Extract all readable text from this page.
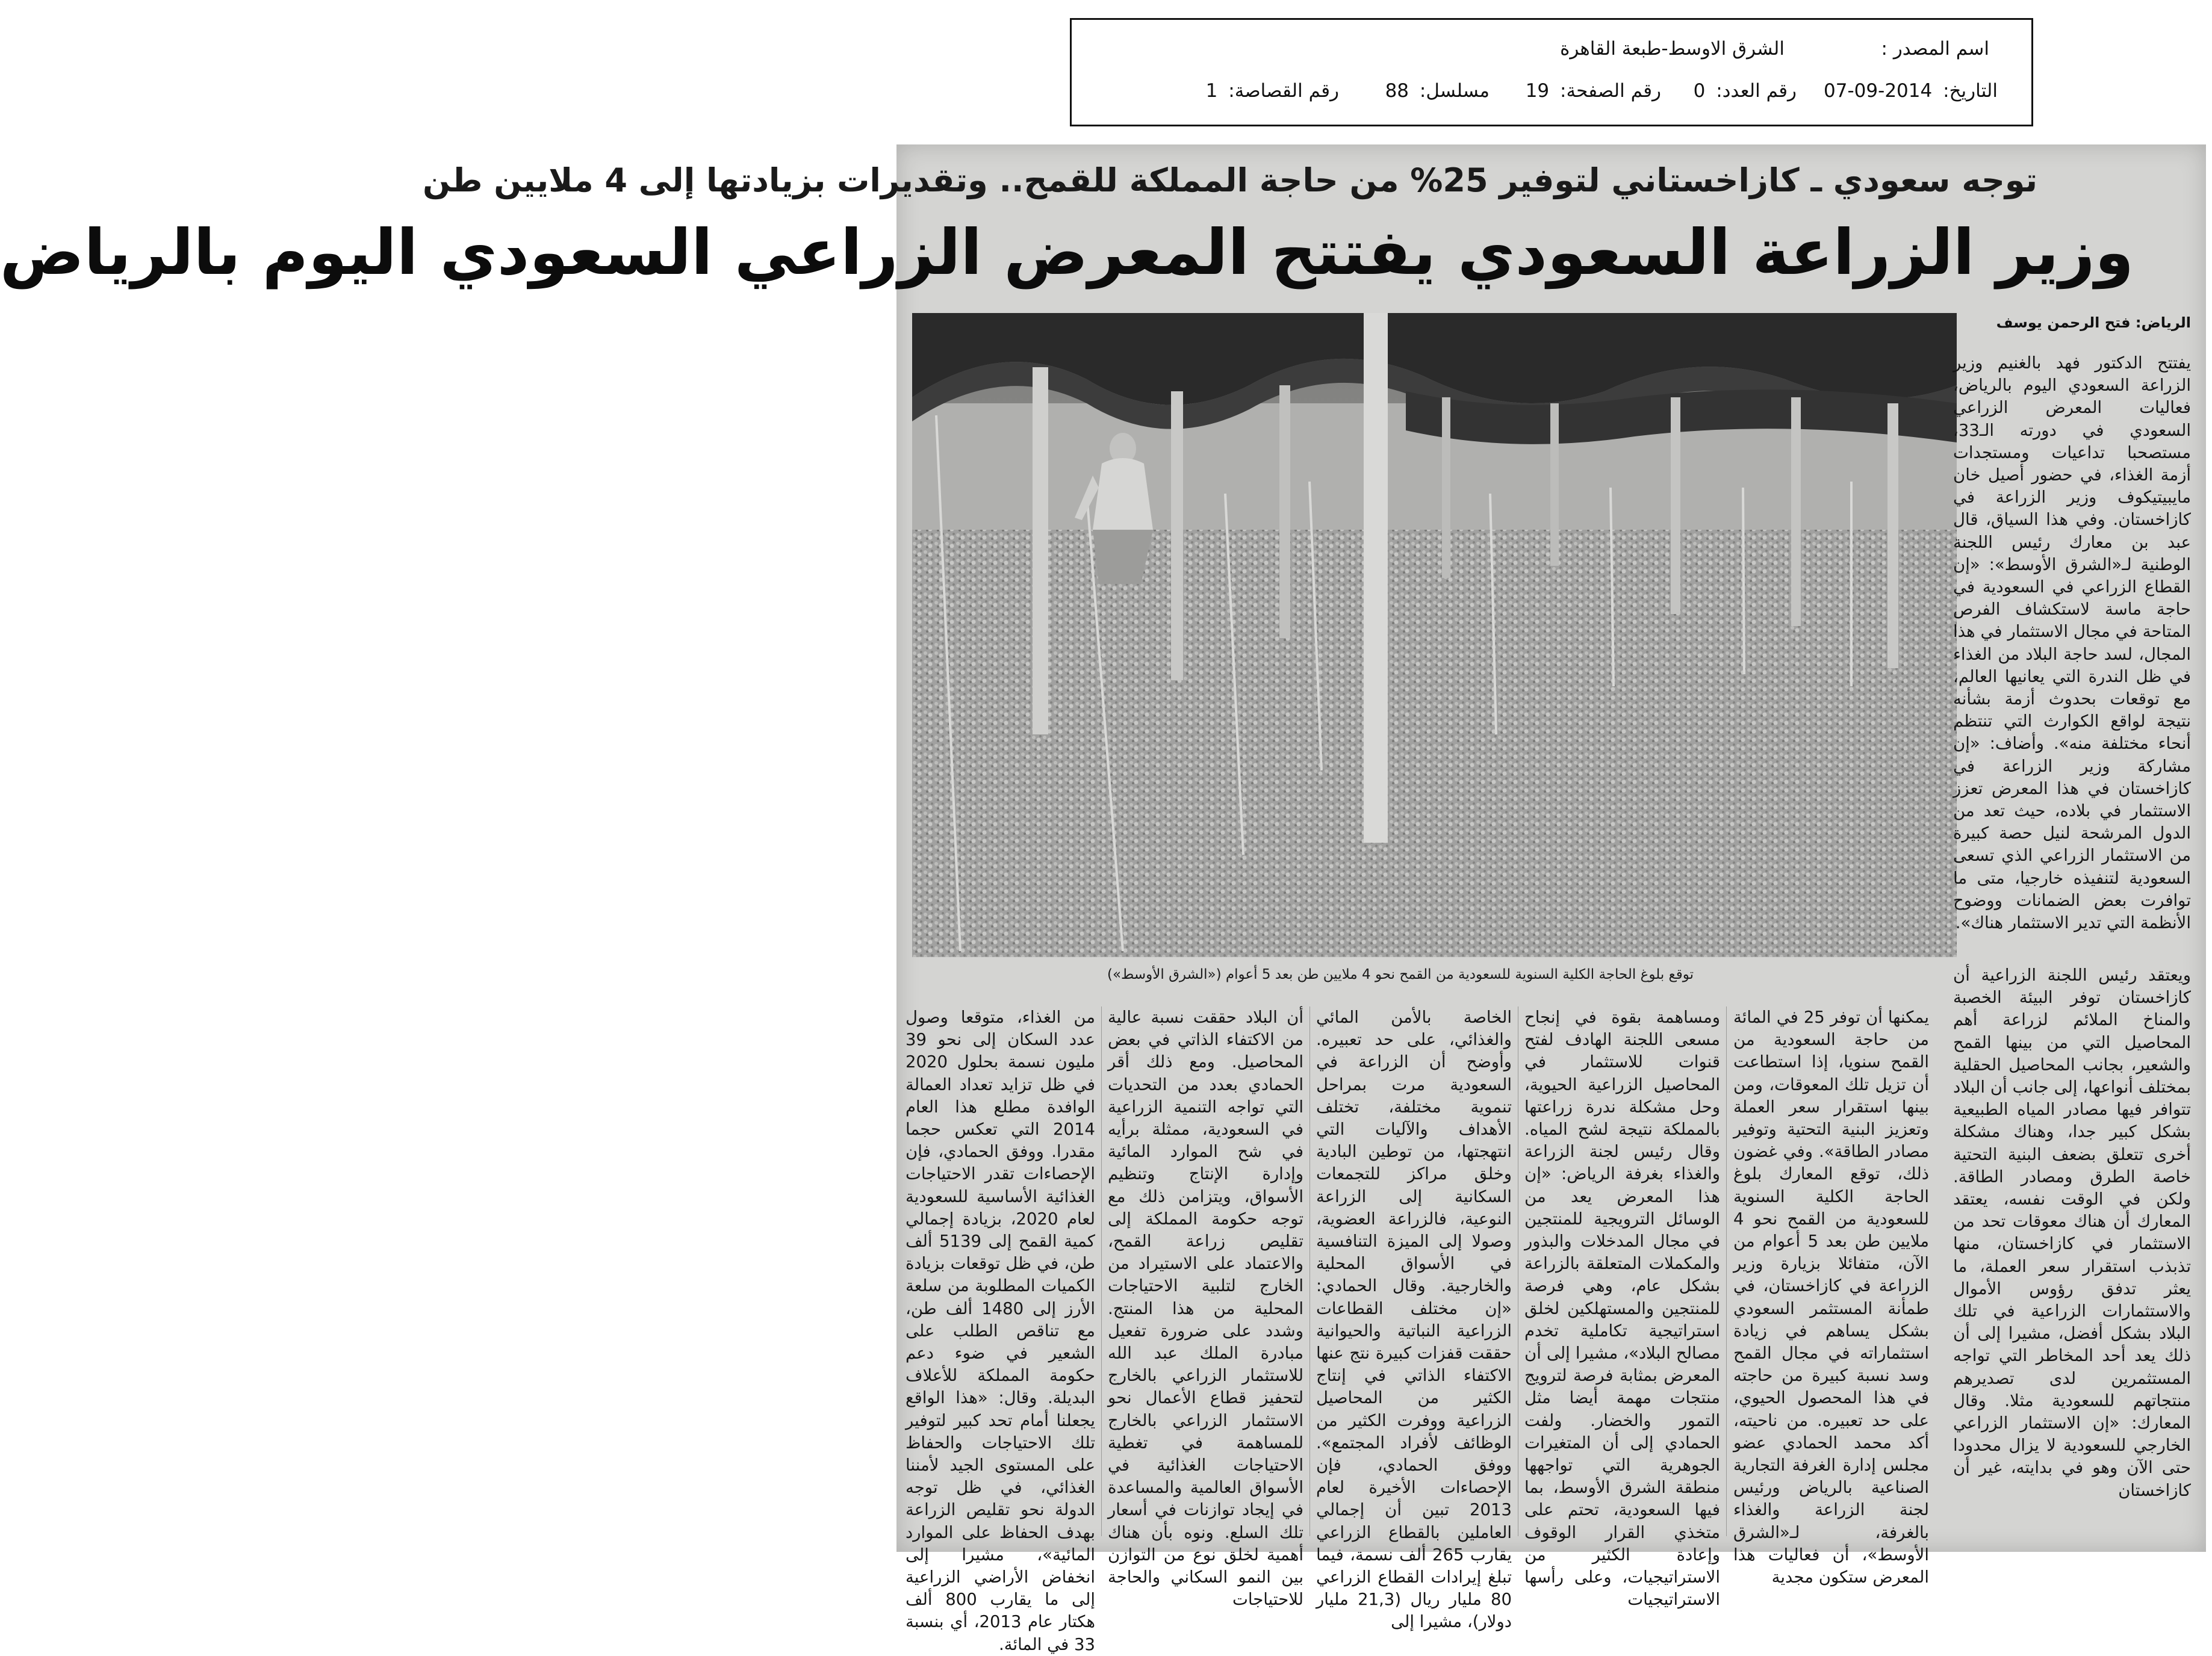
اسم المصدر :
الشرق الاوسط-طبعة القاهرة
التاريخ: 2014-09-07
رقم العدد: 0
رقم الصفحة: 19
مسلسل: 88
رقم القصاصة: 1
توجه سعودي ـ كازاخستاني لتوفير 25% من حاجة المملكة للقمح.. وتقديرات بزيادتها إلى 4 ملايين طن
وزير الزراعة السعودي يفتتح المعرض الزراعي السعودي اليوم بالرياض
الرياض: فتح الرحمن يوسف
توقع بلوغ الحاجة الكلية السنوية للسعودية من القمح نحو 4 ملايين طن بعد 5 أعوام («الشرق الأوسط»)

يفتتح الدكتور فهد بالغنيم وزير الزراعة السعودي اليوم بالرياض، فعاليات المعرض الزراعي السعودي في دورته الـ33، مستصحبا تداعيات ومستجدات أزمة الغذاء، في حضور أصيل خان مايبيتيكوف وزير الزراعة في كازاخستان. وفي هذا السياق، قال عبد بن معارك رئيس اللجنة الوطنية لـ«الشرق الأوسط»: «إن القطاع الزراعي في السعودية في حاجة ماسة لاستكشاف الفرص المتاحة في مجال الاستثمار في هذا المجال، لسد حاجة البلاد من الغذاء في ظل الندرة التي يعانيها العالم، مع توقعات بحدوث أزمة بشأنه نتيجة لواقع الكوارث التي تنتظم أنحاء مختلفة منه». وأضاف: «إن مشاركة وزير الزراعة في كازاخستان في هذا المعرض تعزز الاستثمار في بلاده، حيث تعد من الدول المرشحة لنيل حصة كبيرة من الاستثمار الزراعي الذي تسعى السعودية لتنفيذه خارجيا، متى ما توافرت بعض الضمانات ووضوح الأنظمة التي تدير الاستثمار هناك».

ويعتقد رئيس اللجنة الزراعية أن كازاخستان توفر البيئة الخصبة والمناخ الملائم لزراعة أهم المحاصيل التي من بينها القمح والشعير، بجانب المحاصيل الحقلية بمختلف أنواعها، إلى جانب أن البلاد تتوافر فيها مصادر المياه الطبيعية بشكل كبير جدا، وهناك مشكلة أخرى تتعلق بضعف البنية التحتية خاصة الطرق ومصادر الطاقة. ولكن في الوقت نفسه، يعتقد المعارك أن هناك معوقات تحد من الاستثمار في كازاخستان، منها تذبذب استقرار سعر العملة، ما يعثر تدفق رؤوس الأموال والاستثمارات الزراعية في تلك البلاد بشكل أفضل، مشيرا إلى أن ذلك يعد أحد المخاطر التي تواجه المستثمرين لدى تصديرهم منتجاتهم للسعودية مثلا. وقال المعارك: «إن الاستثمار الزراعي الخارجي للسعودية لا يزال محدودا حتى الآن وهو في بدايته، غير أن كازاخستان

يمكنها أن توفر 25 في المائة من حاجة السعودية من القمح سنويا، إذا استطاعت أن تزيل تلك المعوقات، ومن بينها استقرار سعر العملة وتعزيز البنية التحتية وتوفير مصادر الطاقة». وفي غضون ذلك، توقع المعارك بلوغ الحاجة الكلية السنوية للسعودية من القمح نحو 4 ملايين طن بعد 5 أعوام من الآن، متفائلا بزيارة وزير الزراعة في كازاخستان، في طمأنة المستثمر السعودي بشكل يساهم في زيادة استثماراته في مجال القمح وسد نسبة كبيرة من حاجته في هذا المحصول الحيوي، على حد تعبيره. من ناحيته، أكد محمد الحمادي عضو مجلس إدارة الغرفة التجارية الصناعية بالرياض ورئيس لجنة الزراعة والغذاء بالغرفة، لـ«الشرق الأوسط»، أن فعاليات هذا المعرض ستكون مجدية

ومساهمة بقوة في إنجاح مسعى اللجنة الهادف لفتح قنوات للاستثمار في المحاصيل الزراعية الحيوية، وحل مشكلة ندرة زراعتها بالمملكة نتيجة لشح المياه. وقال رئيس لجنة الزراعة والغذاء بغرفة الرياض: «إن هذا المعرض يعد من الوسائل الترويجية للمنتجين في مجال المدخلات والبذور والمكملات المتعلقة بالزراعة بشكل عام، وهي فرصة للمنتجين والمستهلكين لخلق استراتيجية تكاملية تخدم مصالح البلاد»، مشيرا إلى أن المعرض بمثابة فرصة لترويج منتجات مهمة أيضا مثل التمور والخضار. ولفت الحمادي إلى أن المتغيرات الجوهرية التي تواجهها منطقة الشرق الأوسط، بما فيها السعودية، تحتم على متخذي القرار الوقوف وإعادة الكثير من الاستراتيجيات، وعلى رأسها الاستراتيجيات

الخاصة بالأمن المائي والغذائي، على حد تعبيره. وأوضح أن الزراعة في السعودية مرت بمراحل تنموية مختلفة، تختلف الأهداف والآليات التي انتهجتها، من توطين البادية وخلق مراكز للتجمعات السكانية إلى الزراعة النوعية، فالزراعة العضوية، وصولا إلى الميزة التنافسية في الأسواق المحلية والخارجية. وقال الحمادي: «إن مختلف القطاعات الزراعية النباتية والحيوانية حققت قفزات كبيرة نتج عنها الاكتفاء الذاتي في إنتاج الكثير من المحاصيل الزراعية ووفرت الكثير من الوظائف لأفراد المجتمع». ووفق الحمادي، فإن الإحصاءات الأخيرة لعام 2013 تبين أن إجمالي العاملين بالقطاع الزراعي يقارب 265 ألف نسمة، فيما تبلغ إيرادات القطاع الزراعي 80 مليار ريال (21,3 مليار دولار)، مشيرا إلى

أن البلاد حققت نسبة عالية من الاكتفاء الذاتي في بعض المحاصيل. ومع ذلك أقر الحمادي بعدد من التحديات التي تواجه التنمية الزراعية في السعودية، ممثلة برأيه في شح الموارد المائية وإدارة الإنتاج وتنظيم الأسواق، ويتزامن ذلك مع توجه حكومة المملكة إلى تقليص زراعة القمح، والاعتماد على الاستيراد من الخارج لتلبية الاحتياجات المحلية من هذا المنتج. وشدد على ضرورة تفعيل مبادرة الملك عبد الله للاستثمار الزراعي بالخارج لتحفيز قطاع الأعمال نحو الاستثمار الزراعي بالخارج للمساهمة في تغطية الاحتياجات الغذائية في الأسواق العالمية والمساعدة في إيجاد توازنات في أسعار تلك السلع. ونوه بأن هناك أهمية لخلق نوع من التوازن بين النمو السكاني والحاجة للاحتياجات

من الغذاء، متوقعا وصول عدد السكان إلى نحو 39 مليون نسمة بحلول 2020 في ظل تزايد تعداد العمالة الوافدة مطلع هذا العام 2014 التي تعكس حجما مقدرا. ووفق الحمادي، فإن الإحصاءات تقدر الاحتياجات الغذائية الأساسية للسعودية لعام 2020، بزيادة إجمالي كمية القمح إلى 5139 ألف طن، في ظل توقعات بزيادة الكميات المطلوبة من سلعة الأرز إلى 1480 ألف طن، مع تناقص الطلب على الشعير في ضوء دعم حكومة المملكة للأعلاف البديلة. وقال: «هذا الواقع يجعلنا أمام تحد كبير لتوفير تلك الاحتياجات والحفاظ على المستوى الجيد لأمننا الغذائي، في ظل توجه الدولة نحو تقليص الزراعة بهدف الحفاظ على الموارد المائية»، مشيرا إلى انخفاض الأراضي الزراعية إلى ما يقارب 800 ألف هكتار عام 2013، أي بنسبة 33 في المائة.
